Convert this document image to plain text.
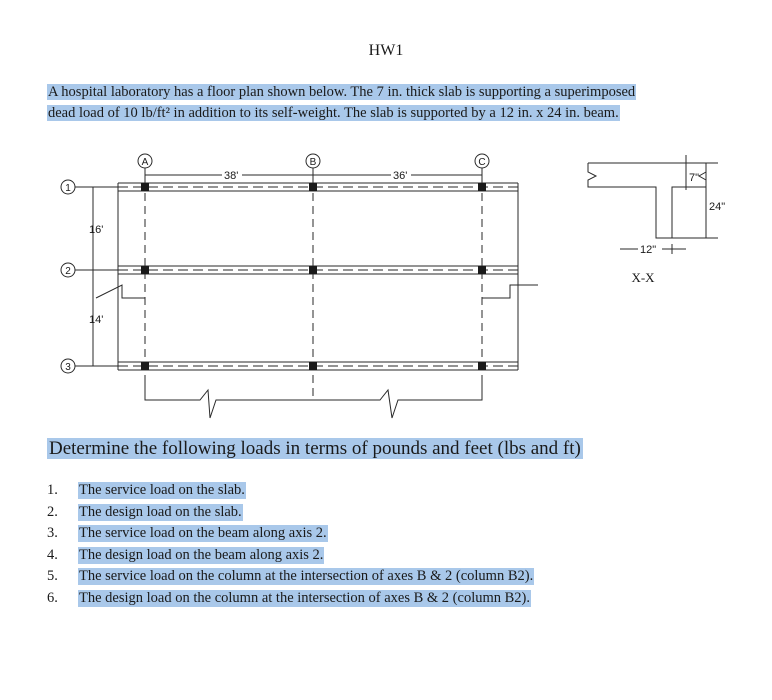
HW1
A hospital laboratory has a floor plan shown below. The 7 in. thick slab is supporting a superimposed
dead load of 10 lb/ft² in addition to its self-weight. The slab is supported by a 12 in. x 24 in. beam.
A	B	C
1
2
3
38'	36'
16'
14'
7"
24"
12"
X-X
Determine the following loads in terms of pounds and feet (lbs and ft)
1.	The service load on the slab.
2.	The design load on the slab.
3.	The service load on the beam along axis 2.
4.	The design load on the beam along axis 2.
5.	The service load on the column at the intersection of axes B & 2 (column B2).
6.	The design load on the column at the intersection of axes B & 2 (column B2).
